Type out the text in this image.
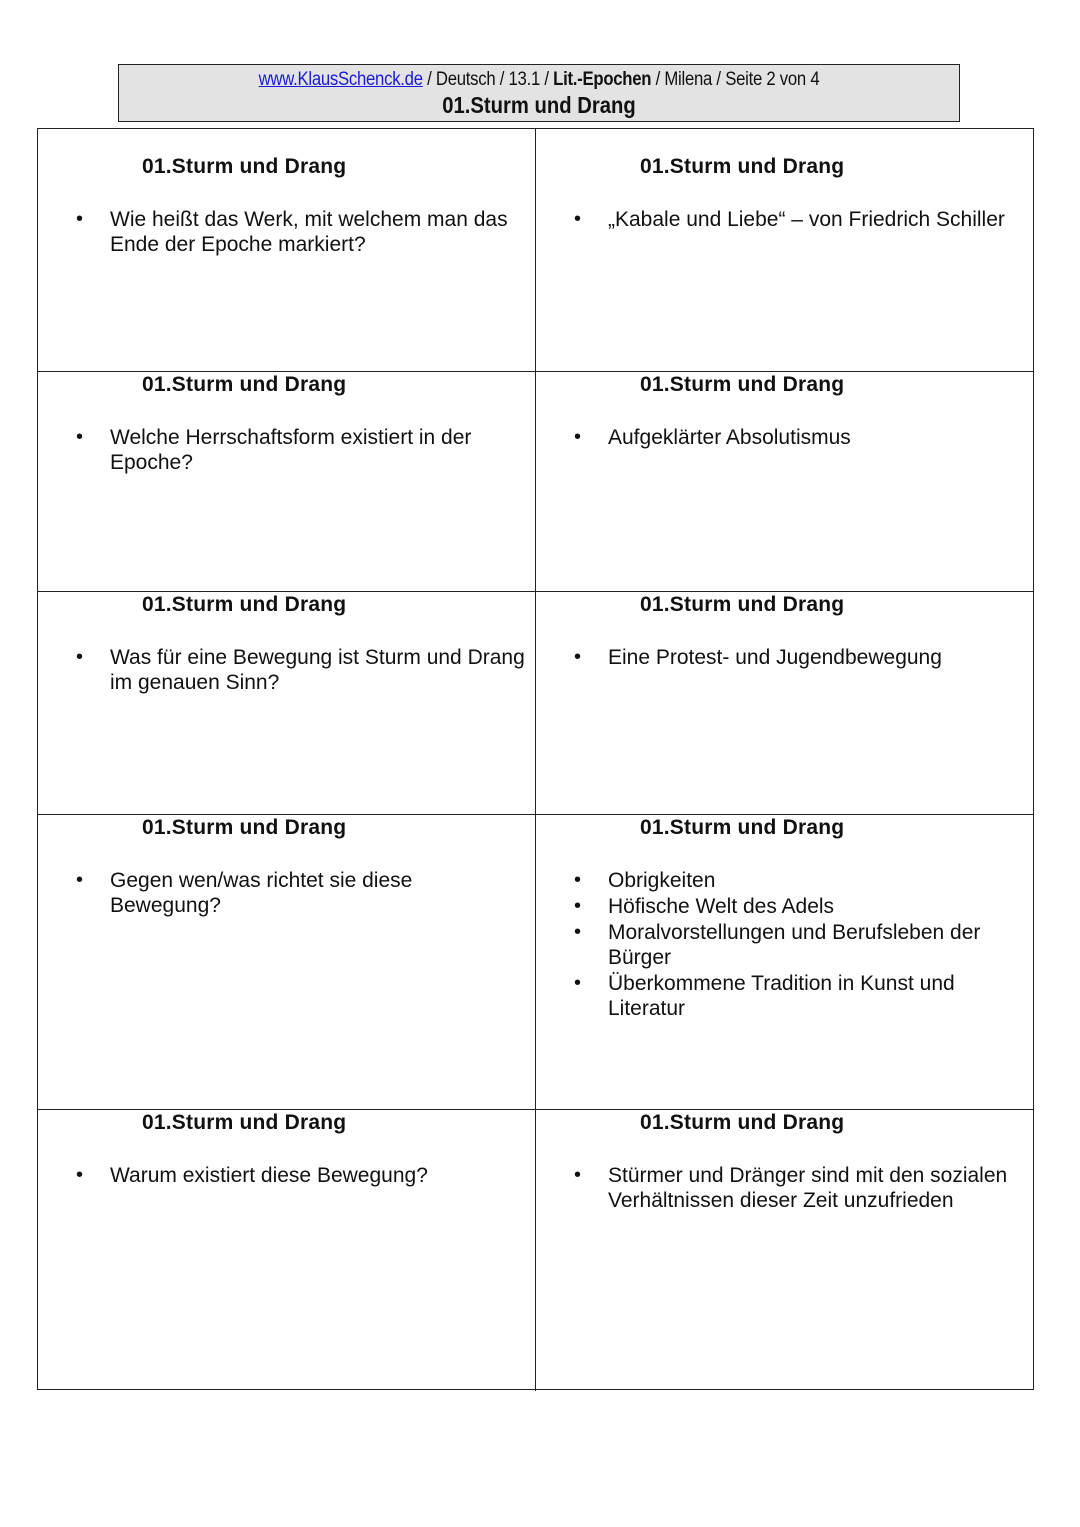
www.KlausSchenck.de / Deutsch / 13.1 / Lit.-Epochen / Milena / Seite 2 von 4
01.Sturm und Drang
01.Sturm und Drang
• Wie heißt das Werk, mit welchem man das Ende der Epoche markiert?
01.Sturm und Drang
• „Kabale und Liebe“ – von Friedrich Schiller
01.Sturm und Drang
• Welche Herrschaftsform existiert in der Epoche?
01.Sturm und Drang
• Aufgeklärter Absolutismus
01.Sturm und Drang
• Was für eine Bewegung ist Sturm und Drang im genauen Sinn?
01.Sturm und Drang
• Eine Protest- und Jugendbewegung
01.Sturm und Drang
• Gegen wen/was richtet sie diese Bewegung?
01.Sturm und Drang
• Obrigkeiten
• Höfische Welt des Adels
• Moralvorstellungen und Berufsleben der Bürger
• Überkommene Tradition in Kunst und Literatur
01.Sturm und Drang
• Warum existiert diese Bewegung?
01.Sturm und Drang
• Stürmer und Dränger sind mit den sozialen Verhältnissen dieser Zeit unzufrieden
